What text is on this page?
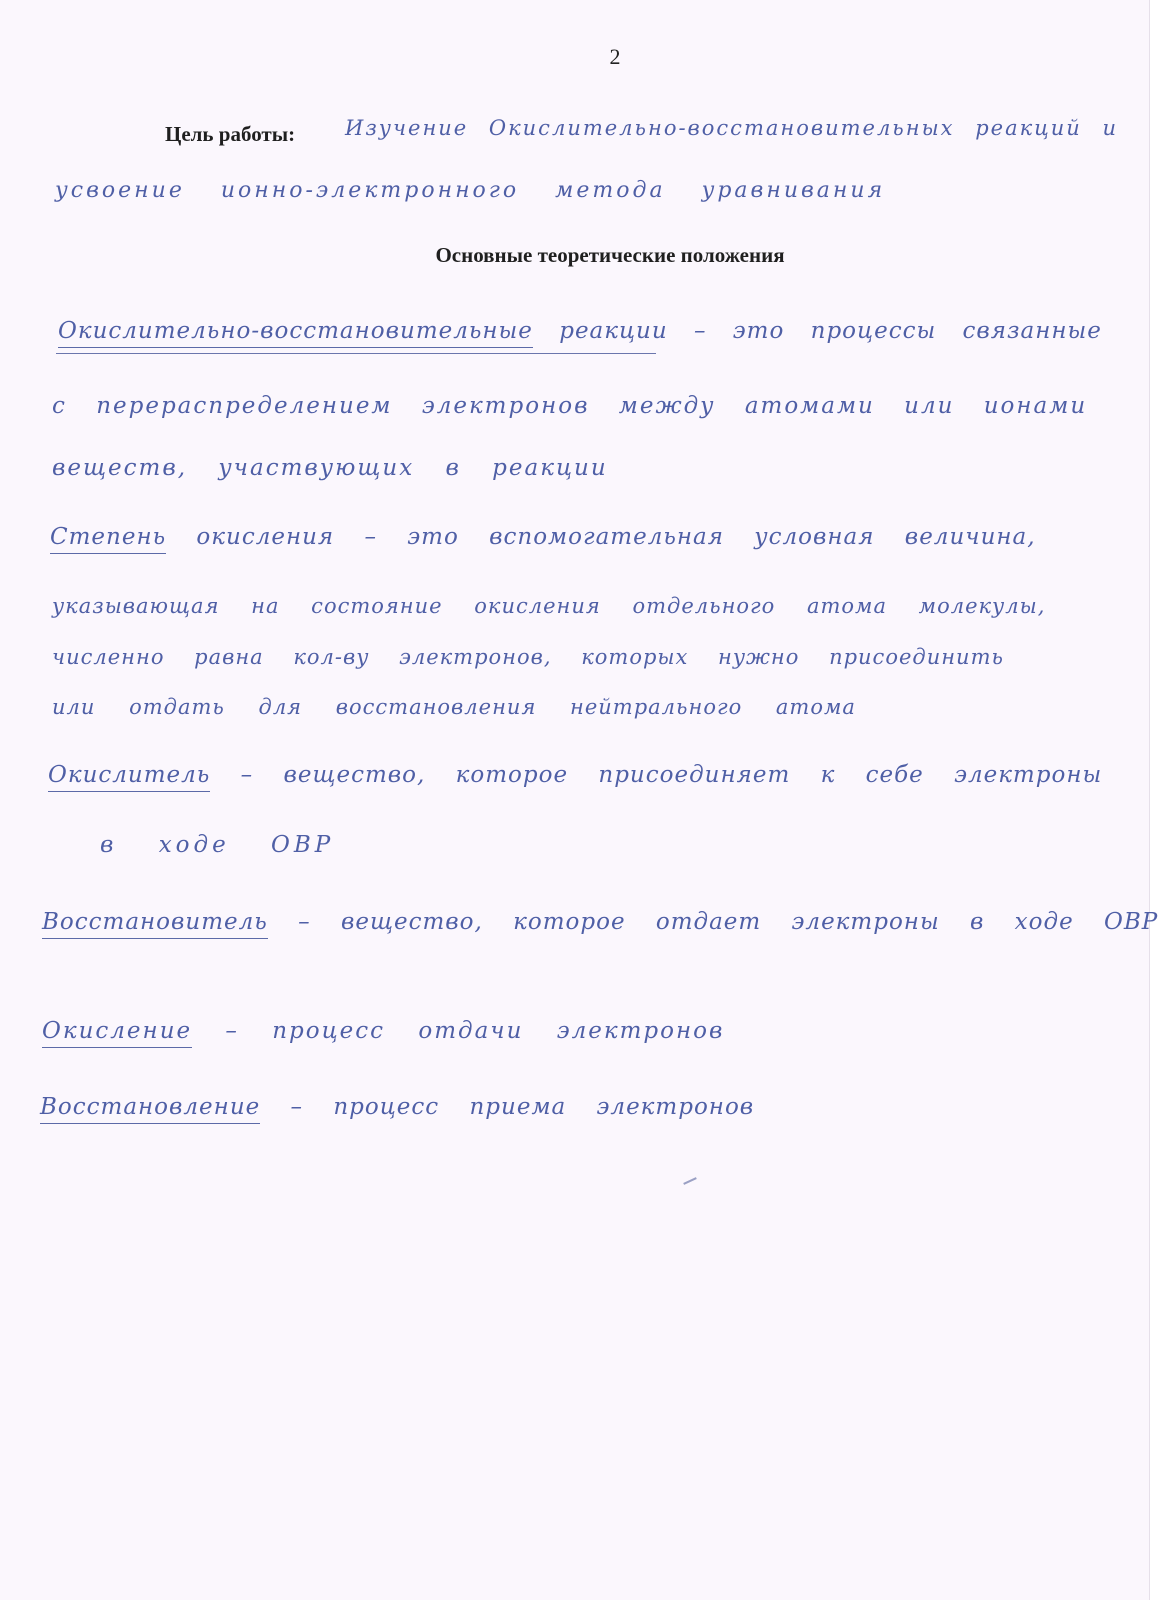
2
Цель работы: Изучение Окислительно-восстановительных реакций и
усвоение ионно-электронного метода уравнивания
Основные теоретические положения
Окислительно-восстановительные реакции – это процессы связанные
с перераспределением электронов между атомами или ионами
веществ, участвующих в реакции
Степень окисления – это вспомогательная условная величина,
указывающая на состояние окисления отдельного атома молекулы,
численно равна кол-ву электронов, которых нужно присоединить
или отдать для восстановления нейтрального атома
Окислитель – вещество, которое присоединяет к себе электроны
в ходе ОВР
Восстановитель – вещество, которое отдает электроны в ходе ОВР
Окисление – процесс отдачи электронов
Восстановление – процесс приема электронов
